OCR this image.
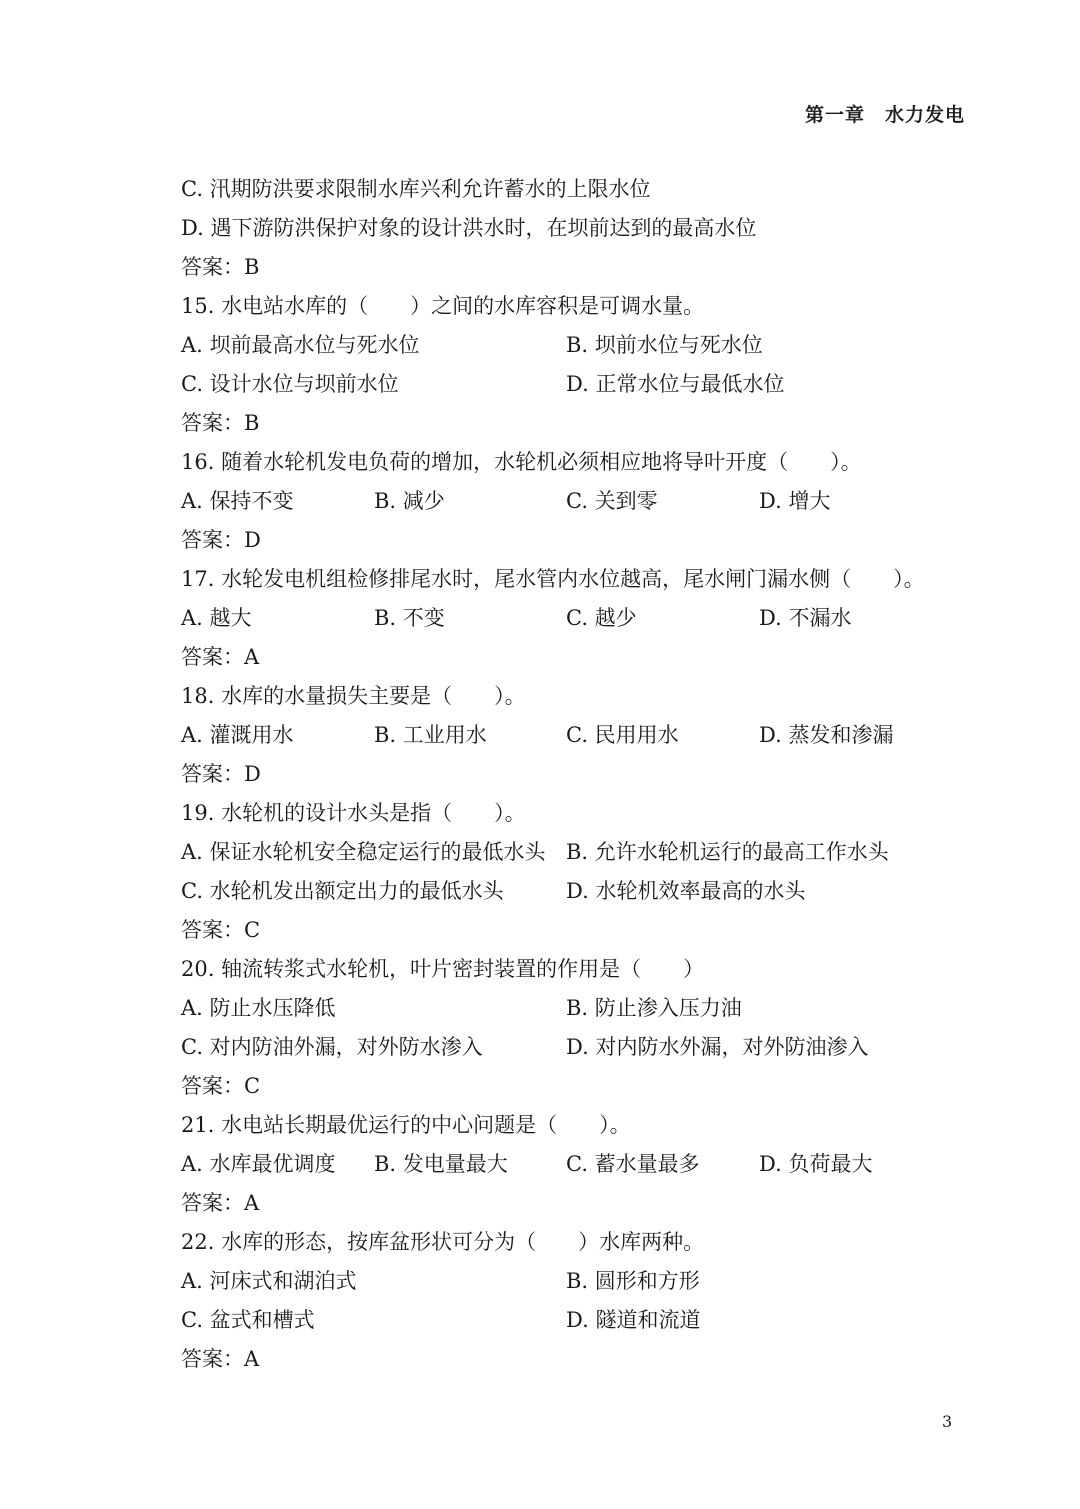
第一章　水力发电
C. 汛期防洪要求限制水库兴利允许蓄水的上限水位
D. 遇下游防洪保护对象的设计洪水时，在坝前达到的最高水位
答案：B
15. 水电站水库的（　　）之间的水库容积是可调水量。
A. 坝前最高水位与死水位	B. 坝前水位与死水位
C. 设计水位与坝前水位	D. 正常水位与最低水位
答案：B
16. 随着水轮机发电负荷的增加，水轮机必须相应地将导叶开度（　　）。
A. 保持不变	B. 减少	C. 关到零	D. 增大
答案：D
17. 水轮发电机组检修排尾水时，尾水管内水位越高，尾水闸门漏水侧（　　）。
A. 越大	B. 不变	C. 越少	D. 不漏水
答案：A
18. 水库的水量损失主要是（　　）。
A. 灌溉用水	B. 工业用水	C. 民用用水	D. 蒸发和渗漏
答案：D
19. 水轮机的设计水头是指（　　）。
A. 保证水轮机安全稳定运行的最低水头 B. 允许水轮机运行的最高工作水头
C. 水轮机发出额定出力的最低水头	D. 水轮机效率最高的水头
答案：C
20. 轴流转浆式水轮机，叶片密封装置的作用是（　　）
A. 防止水压降低	B. 防止渗入压力油
C. 对内防油外漏，对外防水渗入	D. 对内防水外漏，对外防油渗入
答案：C
21. 水电站长期最优运行的中心问题是（　　）。
A. 水库最优调度 B. 发电量最大	C. 蓄水量最多	D. 负荷最大
答案：A
22. 水库的形态，按库盆形状可分为（　　）水库两种。
A. 河床式和湖泊式	B. 圆形和方形
C. 盆式和槽式	D. 隧道和流道
答案：A
3
